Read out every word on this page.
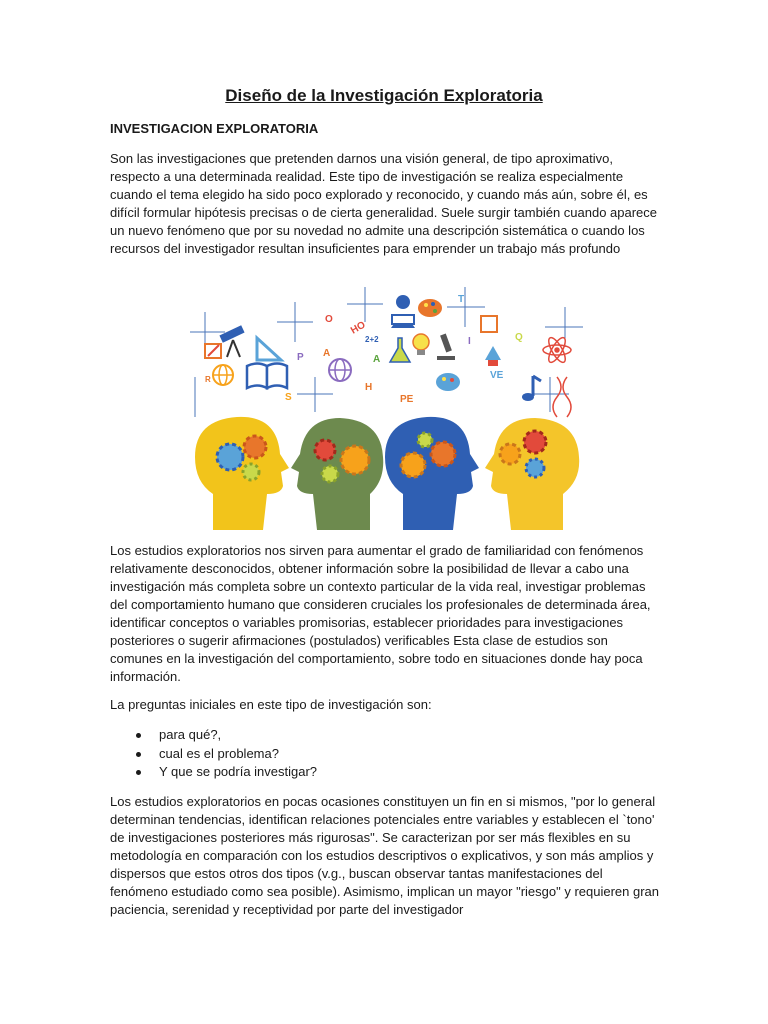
Diseño de la Investigación Exploratoria
INVESTIGACION EXPLORATORIA

Son las investigaciones que pretenden darnos una visión general, de tipo aproximativo, respecto a una determinada realidad. Este tipo de investigación se realiza especialmente cuando el tema elegido ha sido poco explorado y reconocido, y cuando más aún, sobre él, es difícil formular hipótesis precisas o de cierta generalidad. Suele surgir también cuando aparece un nuevo fenómeno que por su novedad no admite una descripción sistemática o cuando los recursos del investigador resultan insuficientes para emprender un trabajo más profundo

HO
2+2
A
P
H
PE
S
O
T
I
VE
Q
R
A

Los estudios exploratorios nos sirven para aumentar el grado de familiaridad con fenómenos relativamente desconocidos, obtener información sobre la posibilidad de llevar a cabo una investigación más completa sobre un contexto particular de la vida real, investigar problemas del comportamiento humano que consideren cruciales los profesionales de determinada área, identificar conceptos o variables promisorias, establecer prioridades para investigaciones posteriores o sugerir afirmaciones (postulados) verificables Esta clase de estudios son comunes en la investigación del comportamiento, sobre todo en situaciones donde hay poca información.

La preguntas iniciales en este tipo de investigación son:

para qué?,
cual es el problema?
Y que se podría investigar?

Los estudios exploratorios en pocas ocasiones constituyen un fin en si mismos, "por lo general determinan tendencias, identifican relaciones potenciales entre variables y establecen el `tono' de investigaciones posteriores más rigurosas". Se caracterizan por ser más flexibles en su metodología en comparación con los estudios descriptivos o explicativos, y son más amplios y dispersos que estos otros dos tipos (v.g., buscan observar tantas manifestaciones del fenómeno estudiado como sea posible). Asimismo, implican un mayor "riesgo" y requieren gran paciencia, serenidad y receptividad por parte del investigador
